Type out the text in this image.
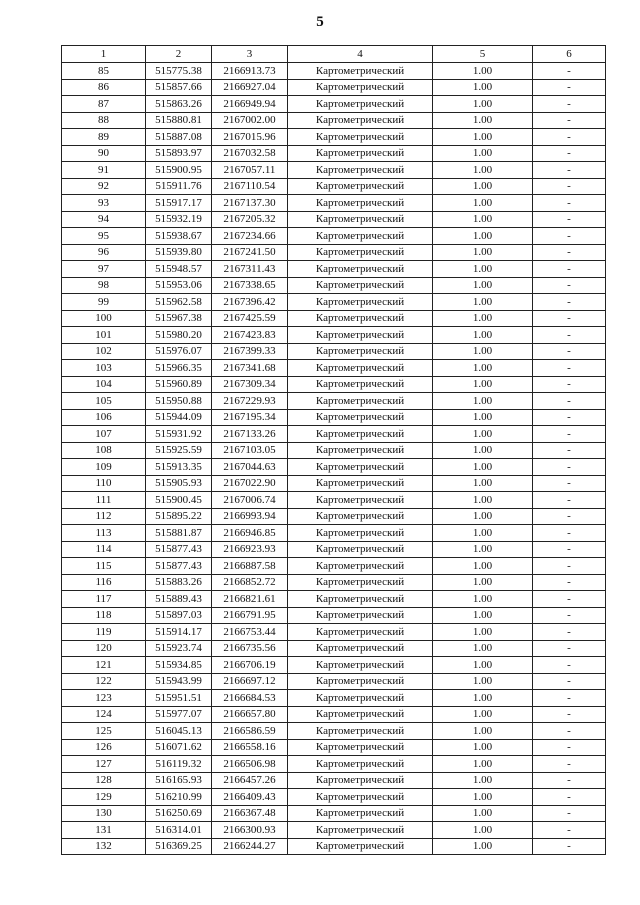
5
1	2	3	4	5	6
85	515775.38	2166913.73	Картометрический	1.00	-
86	515857.66	2166927.04	Картометрический	1.00	-
87	515863.26	2166949.94	Картометрический	1.00	-
88	515880.81	2167002.00	Картометрический	1.00	-
89	515887.08	2167015.96	Картометрический	1.00	-
90	515893.97	2167032.58	Картометрический	1.00	-
91	515900.95	2167057.11	Картометрический	1.00	-
92	515911.76	2167110.54	Картометрический	1.00	-
93	515917.17	2167137.30	Картометрический	1.00	-
94	515932.19	2167205.32	Картометрический	1.00	-
95	515938.67	2167234.66	Картометрический	1.00	-
96	515939.80	2167241.50	Картометрический	1.00	-
97	515948.57	2167311.43	Картометрический	1.00	-
98	515953.06	2167338.65	Картометрический	1.00	-
99	515962.58	2167396.42	Картометрический	1.00	-
100	515967.38	2167425.59	Картометрический	1.00	-
101	515980.20	2167423.83	Картометрический	1.00	-
102	515976.07	2167399.33	Картометрический	1.00	-
103	515966.35	2167341.68	Картометрический	1.00	-
104	515960.89	2167309.34	Картометрический	1.00	-
105	515950.88	2167229.93	Картометрический	1.00	-
106	515944.09	2167195.34	Картометрический	1.00	-
107	515931.92	2167133.26	Картометрический	1.00	-
108	515925.59	2167103.05	Картометрический	1.00	-
109	515913.35	2167044.63	Картометрический	1.00	-
110	515905.93	2167022.90	Картометрический	1.00	-
111	515900.45	2167006.74	Картометрический	1.00	-
112	515895.22	2166993.94	Картометрический	1.00	-
113	515881.87	2166946.85	Картометрический	1.00	-
114	515877.43	2166923.93	Картометрический	1.00	-
115	515877.43	2166887.58	Картометрический	1.00	-
116	515883.26	2166852.72	Картометрический	1.00	-
117	515889.43	2166821.61	Картометрический	1.00	-
118	515897.03	2166791.95	Картометрический	1.00	-
119	515914.17	2166753.44	Картометрический	1.00	-
120	515923.74	2166735.56	Картометрический	1.00	-
121	515934.85	2166706.19	Картометрический	1.00	-
122	515943.99	2166697.12	Картометрический	1.00	-
123	515951.51	2166684.53	Картометрический	1.00	-
124	515977.07	2166657.80	Картометрический	1.00	-
125	516045.13	2166586.59	Картометрический	1.00	-
126	516071.62	2166558.16	Картометрический	1.00	-
127	516119.32	2166506.98	Картометрический	1.00	-
128	516165.93	2166457.26	Картометрический	1.00	-
129	516210.99	2166409.43	Картометрический	1.00	-
130	516250.69	2166367.48	Картометрический	1.00	-
131	516314.01	2166300.93	Картометрический	1.00	-
132	516369.25	2166244.27	Картометрический	1.00	-
